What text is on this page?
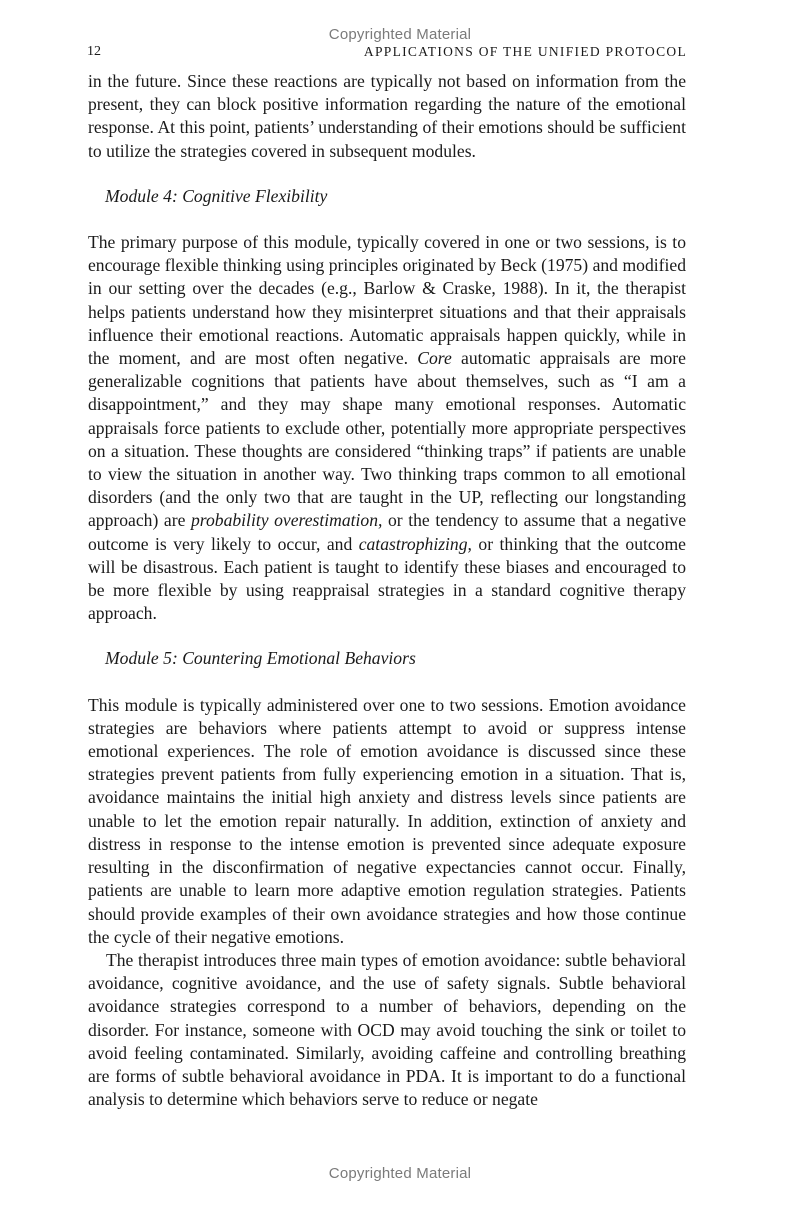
Copyrighted Material
12	APPLICATIONS OF THE UNIFIED PROTOCOL

in the future. Since these reactions are typically not based on information from the present, they can block positive information regarding the nature of the emotional response. At this point, patients’ understanding of their emotions should be sufficient to utilize the strategies covered in subsequent modules.

Module 4: Cognitive Flexibility

The primary purpose of this module, typically covered in one or two sessions, is to encourage flexible thinking using principles originated by Beck (1975) and modified in our setting over the decades (e.g., Barlow & Craske, 1988). In it, the therapist helps patients understand how they misinterpret situations and that their appraisals influence their emotional reactions. Automatic appraisals happen quickly, while in the moment, and are most often negative. Core automatic appraisals are more generalizable cognitions that patients have about themselves, such as “I am a disappointment,” and they may shape many emotional responses. Automatic appraisals force patients to exclude other, potentially more appropriate perspectives on a situation. These thoughts are considered “thinking traps” if patients are unable to view the situation in another way. Two thinking traps common to all emotional disorders (and the only two that are taught in the UP, reflecting our longstanding approach) are probability overestimation, or the tendency to assume that a negative outcome is very likely to occur, and catastrophizing, or thinking that the outcome will be disastrous. Each patient is taught to identify these biases and encouraged to be more flexible by using reappraisal strategies in a standard cognitive therapy approach.

Module 5: Countering Emotional Behaviors

This module is typically administered over one to two sessions. Emotion avoidance strategies are behaviors where patients attempt to avoid or suppress intense emotional experiences. The role of emotion avoidance is discussed since these strategies prevent patients from fully experiencing emotion in a situation. That is, avoidance maintains the initial high anxiety and distress levels since patients are unable to let the emotion repair naturally. In addition, extinction of anxiety and distress in response to the intense emotion is prevented since adequate exposure resulting in the disconfirmation of negative expectancies cannot occur. Finally, patients are unable to learn more adaptive emotion regulation strategies. Patients should provide examples of their own avoidance strategies and how those continue the cycle of their negative emotions.

The therapist introduces three main types of emotion avoidance: subtle behavioral avoidance, cognitive avoidance, and the use of safety signals. Subtle behavioral avoidance strategies correspond to a number of behaviors, depending on the disorder. For instance, someone with OCD may avoid touching the sink or toilet to avoid feeling contaminated. Similarly, avoiding caffeine and controlling breathing are forms of subtle behavioral avoidance in PDA. It is important to do a functional analysis to determine which behaviors serve to reduce or negate

Copyrighted Material
